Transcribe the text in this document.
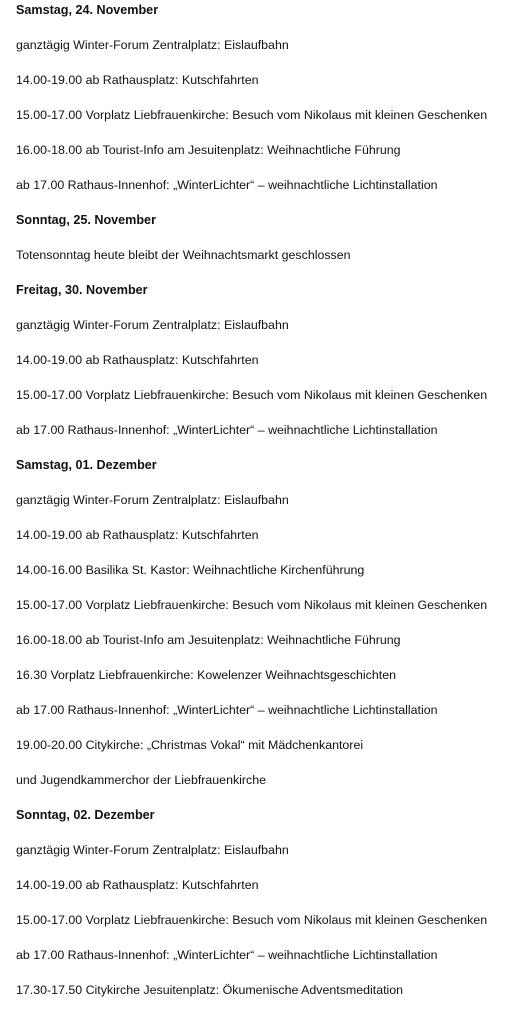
Samstag, 24. November
ganztägig Winter-Forum Zentralplatz: Eislaufbahn
14.00-19.00 ab Rathausplatz: Kutschfahrten
15.00-17.00 Vorplatz Liebfrauenkirche: Besuch vom Nikolaus mit kleinen Geschenken
16.00-18.00 ab Tourist-Info am Jesuitenplatz: Weihnachtliche Führung
ab 17.00 Rathaus-Innenhof: „WinterLichter“ – weihnachtliche Lichtinstallation
Sonntag, 25. November
Totensonntag heute bleibt der Weihnachtsmarkt geschlossen
Freitag, 30. November
ganztägig Winter-Forum Zentralplatz: Eislaufbahn
14.00-19.00 ab Rathausplatz: Kutschfahrten
15.00-17.00 Vorplatz Liebfrauenkirche: Besuch vom Nikolaus mit kleinen Geschenken
ab 17.00 Rathaus-Innenhof: „WinterLichter“ – weihnachtliche Lichtinstallation
Samstag, 01. Dezember
ganztägig Winter-Forum Zentralplatz: Eislaufbahn
14.00-19.00 ab Rathausplatz: Kutschfahrten
14.00-16.00 Basilika St. Kastor: Weihnachtliche Kirchenführung
15.00-17.00 Vorplatz Liebfrauenkirche: Besuch vom Nikolaus mit kleinen Geschenken
16.00-18.00 ab Tourist-Info am Jesuitenplatz: Weihnachtliche Führung
16.30 Vorplatz Liebfrauenkirche: Kowelenzer Weihnachtsgeschichten
ab 17.00 Rathaus-Innenhof: „WinterLichter“ – weihnachtliche Lichtinstallation
19.00-20.00 Citykirche: „Christmas Vokal“ mit Mädchenkantorei
und Jugendkammerchor der Liebfrauenkirche
Sonntag, 02. Dezember
ganztägig Winter-Forum Zentralplatz: Eislaufbahn
14.00-19.00 ab Rathausplatz: Kutschfahrten
15.00-17.00 Vorplatz Liebfrauenkirche: Besuch vom Nikolaus mit kleinen Geschenken
ab 17.00 Rathaus-Innenhof: „WinterLichter“ – weihnachtliche Lichtinstallation
17.30-17.50 Citykirche Jesuitenplatz: Ökumenische Adventsmeditation
